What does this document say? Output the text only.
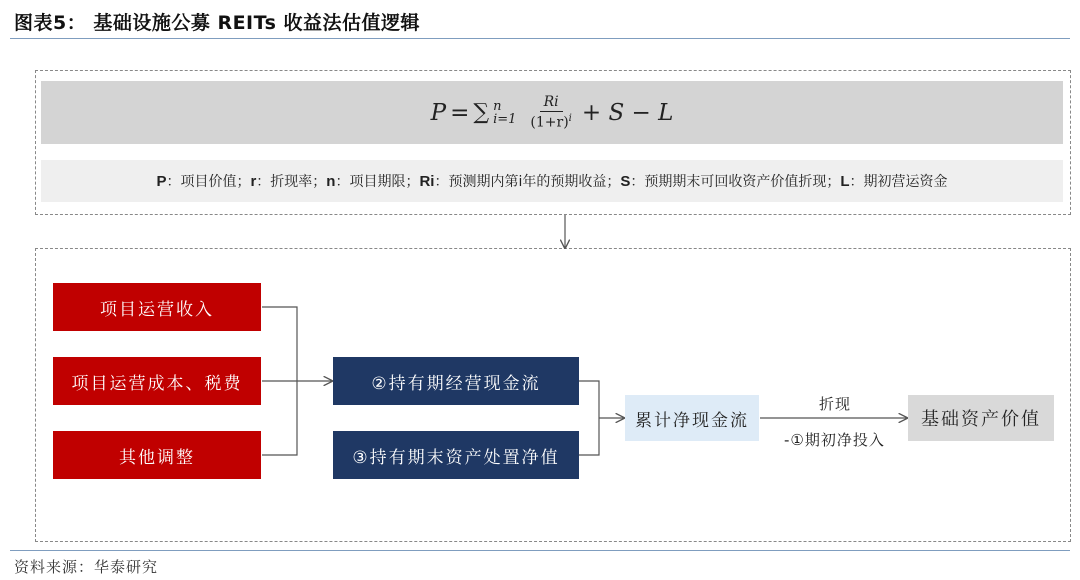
图表5： 基础设施公募 REITs 收益法估值逻辑
P = ∑ n
$i=1 \frac{Ri}{(1+r)^i} + S - L$
P ：项目价值； r ：折现率； n ：项目期限； Ri ：预测期内第i年的预期收益； S ：预期期末可回收资产价值折现； L ：期初营运资金
项目运营收入
项目运营成本、税费
其他调整
②持有期经营现金流
③持有期末资产处置净值
累计净现金流
折现
-①期初净投入
基础资产价值
资料来源：华泰研究
